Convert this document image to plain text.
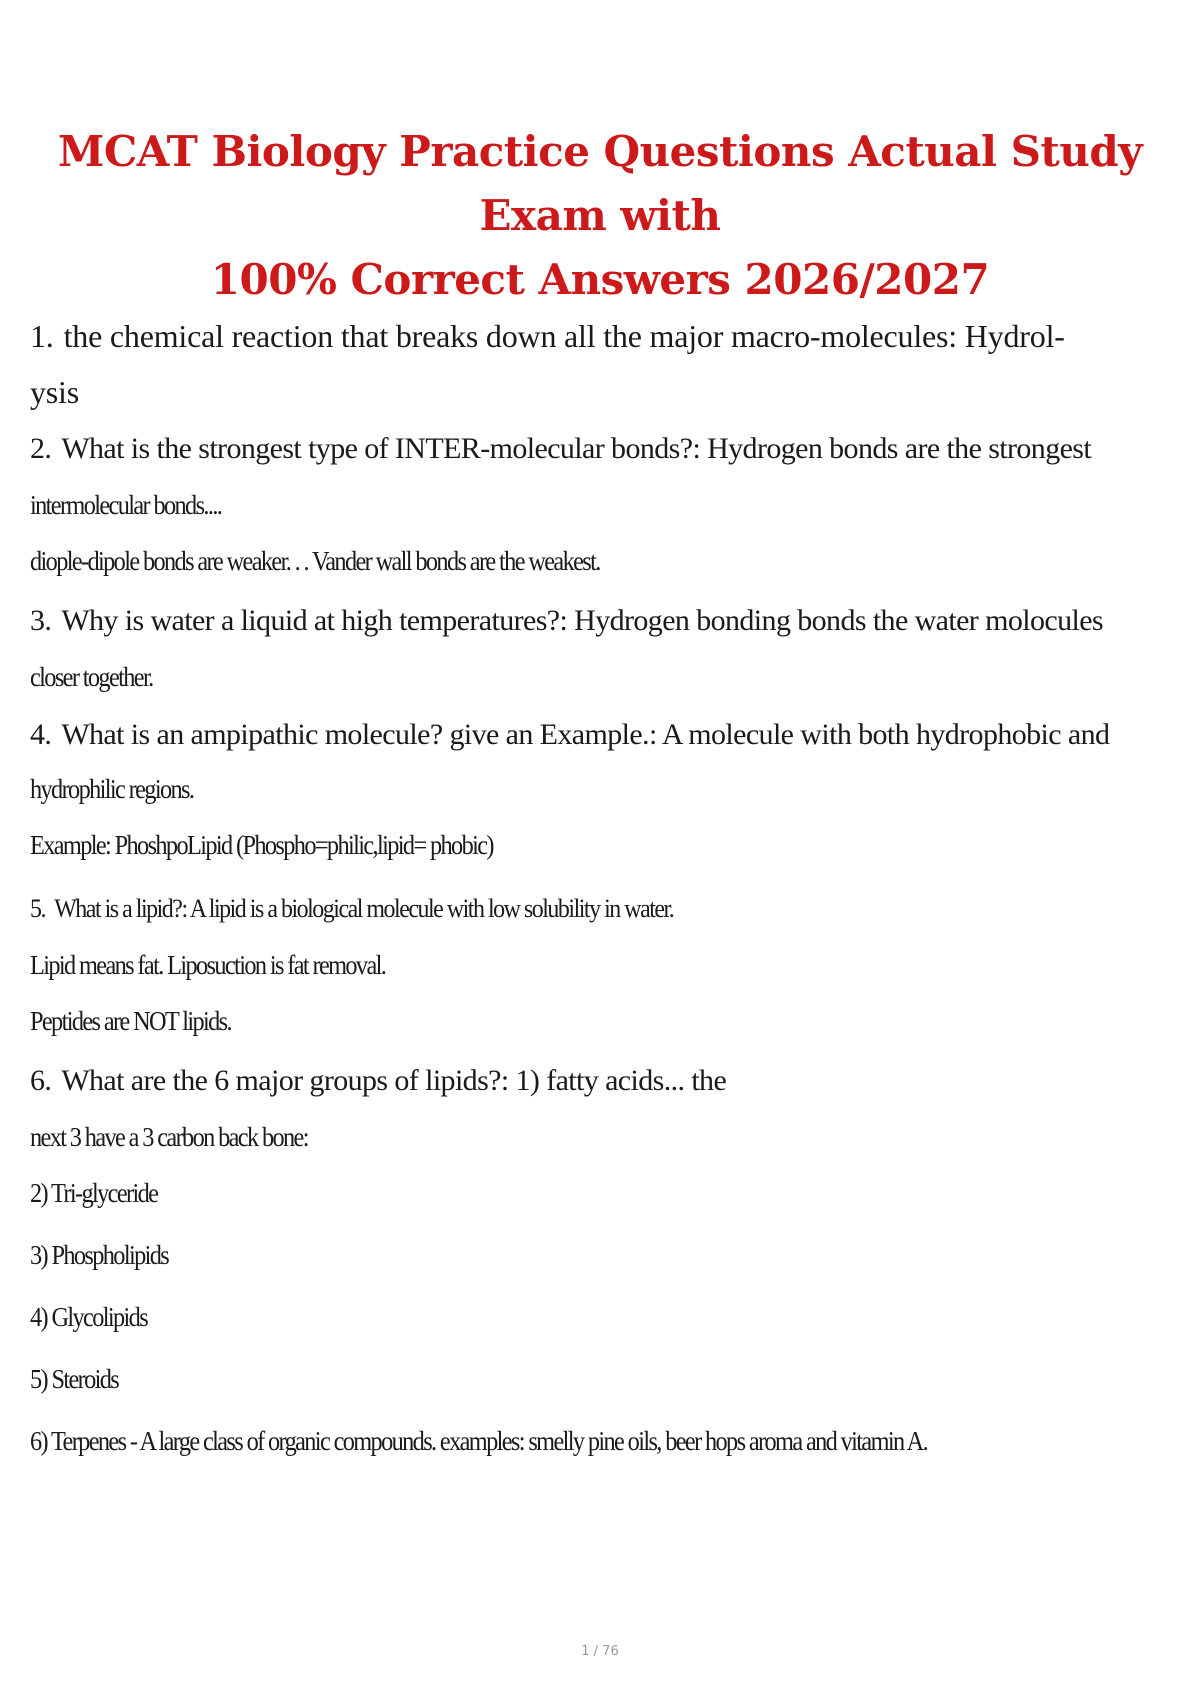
MCAT Biology Practice Questions Actual Study Exam with
100% Correct Answers 2026/2027

1. the chemical reaction that breaks down all the major macro-molecules: Hydrol-

ysis

2. What is the strongest type of INTER-molecular bonds?: Hydrogen bonds are the strongest

intermolecular bonds....

diople-dipole bonds are weaker. . . Vander wall bonds are the weakest.

3. Why is water a liquid at high temperatures?: Hydrogen bonding bonds the water molocules

closer together.

4. What is an ampipathic molecule? give an Example.: A molecule with both hydrophobic and

hydrophilic regions.

Example: PhoshpoLipid (Phospho=philic,lipid= phobic)

5. What is a lipid?: A lipid is a biological molecule with low solubility in water.

Lipid means fat. Liposuction is fat removal.

Peptides are NOT lipids.

6. What are the 6 major groups of lipids?: 1) fatty acids... the

next 3 have a 3 carbon back bone:

2) Tri-glyceride

3) Phospholipids

4) Glycolipids

5) Steroids

6) Terpenes - A large class of organic compounds. examples: smelly pine oils, beer hops aroma and vitamin A.

1 / 76
